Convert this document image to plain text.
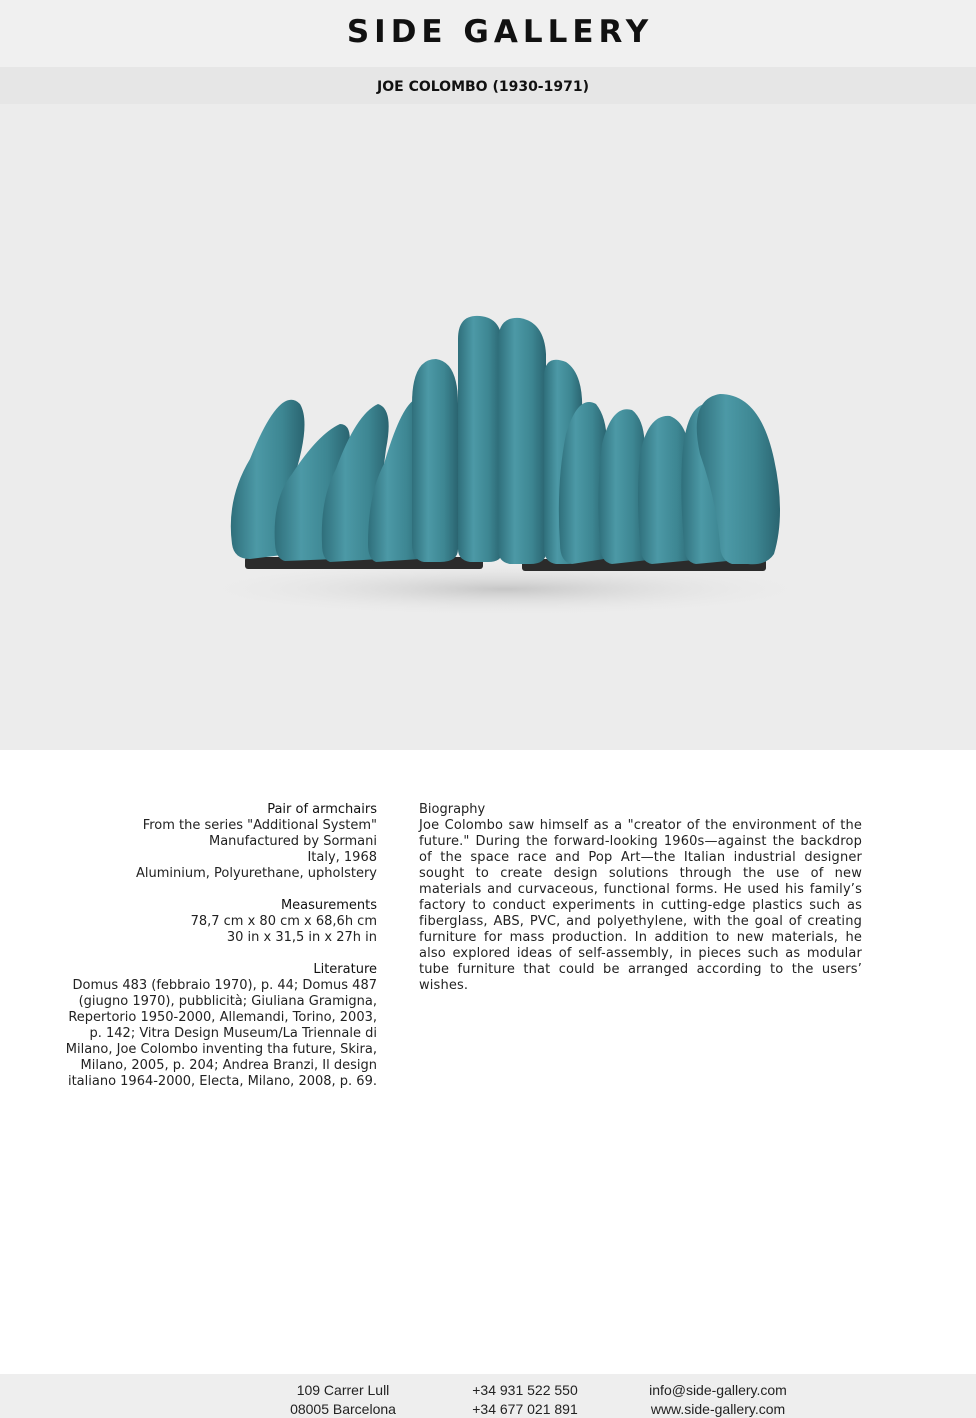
SIDE GALLERY
JOE COLOMBO (1930-1971)
Pair of armchairs
From the series "Additional System"
Manufactured by Sormani
Italy, 1968
Aluminium, Polyurethane, upholstery
Measurements
78,7 cm x 80 cm x 68,6h cm
30 in x 31,5 in x 27h in
Literature
Domus 483 (febbraio 1970), p. 44; Domus 487
(giugno 1970), pubblicità; Giuliana Gramigna,
Repertorio 1950-2000, Allemandi, Torino, 2003,
p. 142; Vitra Design Museum/La Triennale di
Milano, Joe Colombo inventing tha future, Skira,
Milano, 2005, p. 204; Andrea Branzi, Il design
italiano 1964-2000, Electa, Milano, 2008, p. 69.
Biography
Joe Colombo saw himself as a "creator of the environment of the future." During the forward-looking 1960s—against the backdrop of the space race and Pop Art—the Italian industrial designer sought to create design solutions through the use of new materials and curvaceous, functional forms. He used his family’s factory to conduct experiments in cutting-edge plastics such as fiberglass, ABS, PVC, and polyethylene, with the goal of creating furniture for mass production. In addition to new materials, he also explored ideas of self-assembly, in pieces such as modular tube furniture that could be arranged according to the users’ wishes.
109 Carrer Lull
08005 Barcelona
+34 931 522 550
+34 677 021 891
info@side-gallery.com
www.side-gallery.com
